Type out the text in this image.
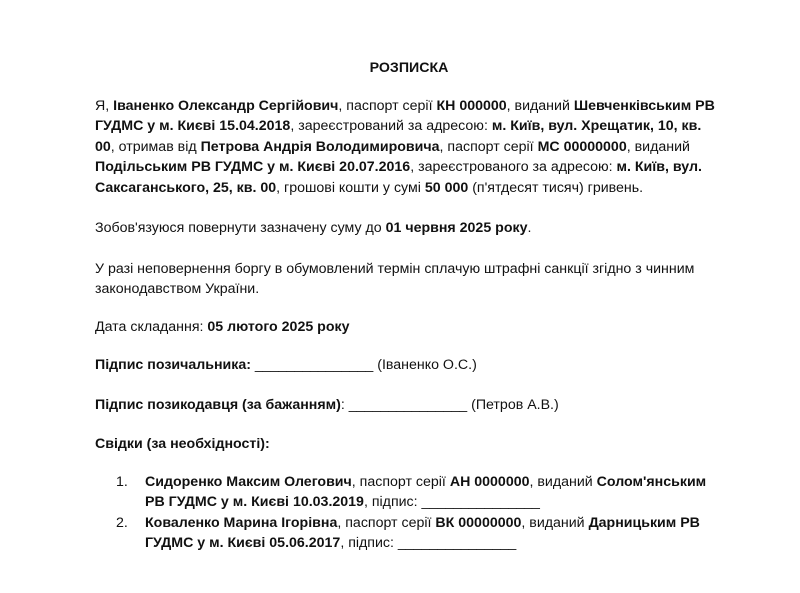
РОЗПИСКА

Я, Іваненко Олександр Сергійович, паспорт серії КН 000000, виданий Шевченківським РВ ГУДМС у м. Києві 15.04.2018, зареєстрований за адресою: м. Київ, вул. Хрещатик, 10, кв. 00, отримав від Петрова Андрія Володимировича, паспорт серії МС 00000000, виданий Подільським РВ ГУДМС у м. Києві 20.07.2016, зареєстрованого за адресою: м. Київ, вул. Саксаганського, 25, кв. 00, грошові кошти у сумі 50 000 (п'ятдесят тисяч) гривень.

Зобов'язуюся повернути зазначену суму до 01 червня 2025 року.

У разі неповернення боргу в обумовлений термін сплачую штрафні санкції згідно з чинним законодавством України.

Дата складання: 05 лютого 2025 року

Підпис позичальника: _______________ (Іваненко О.С.)

Підпис позикодавця (за бажанням): _______________ (Петров А.В.)

Свідки (за необхідності):

1. Сидоренко Максим Олегович, паспорт серії АН 0000000, виданий Солом'янським РВ ГУДМС у м. Києві 10.03.2019, підпис: _______________
2. Коваленко Марина Ігорівна, паспорт серії ВК 00000000, виданий Дарницьким РВ ГУДМС у м. Києві 05.06.2017, підпис: _______________
